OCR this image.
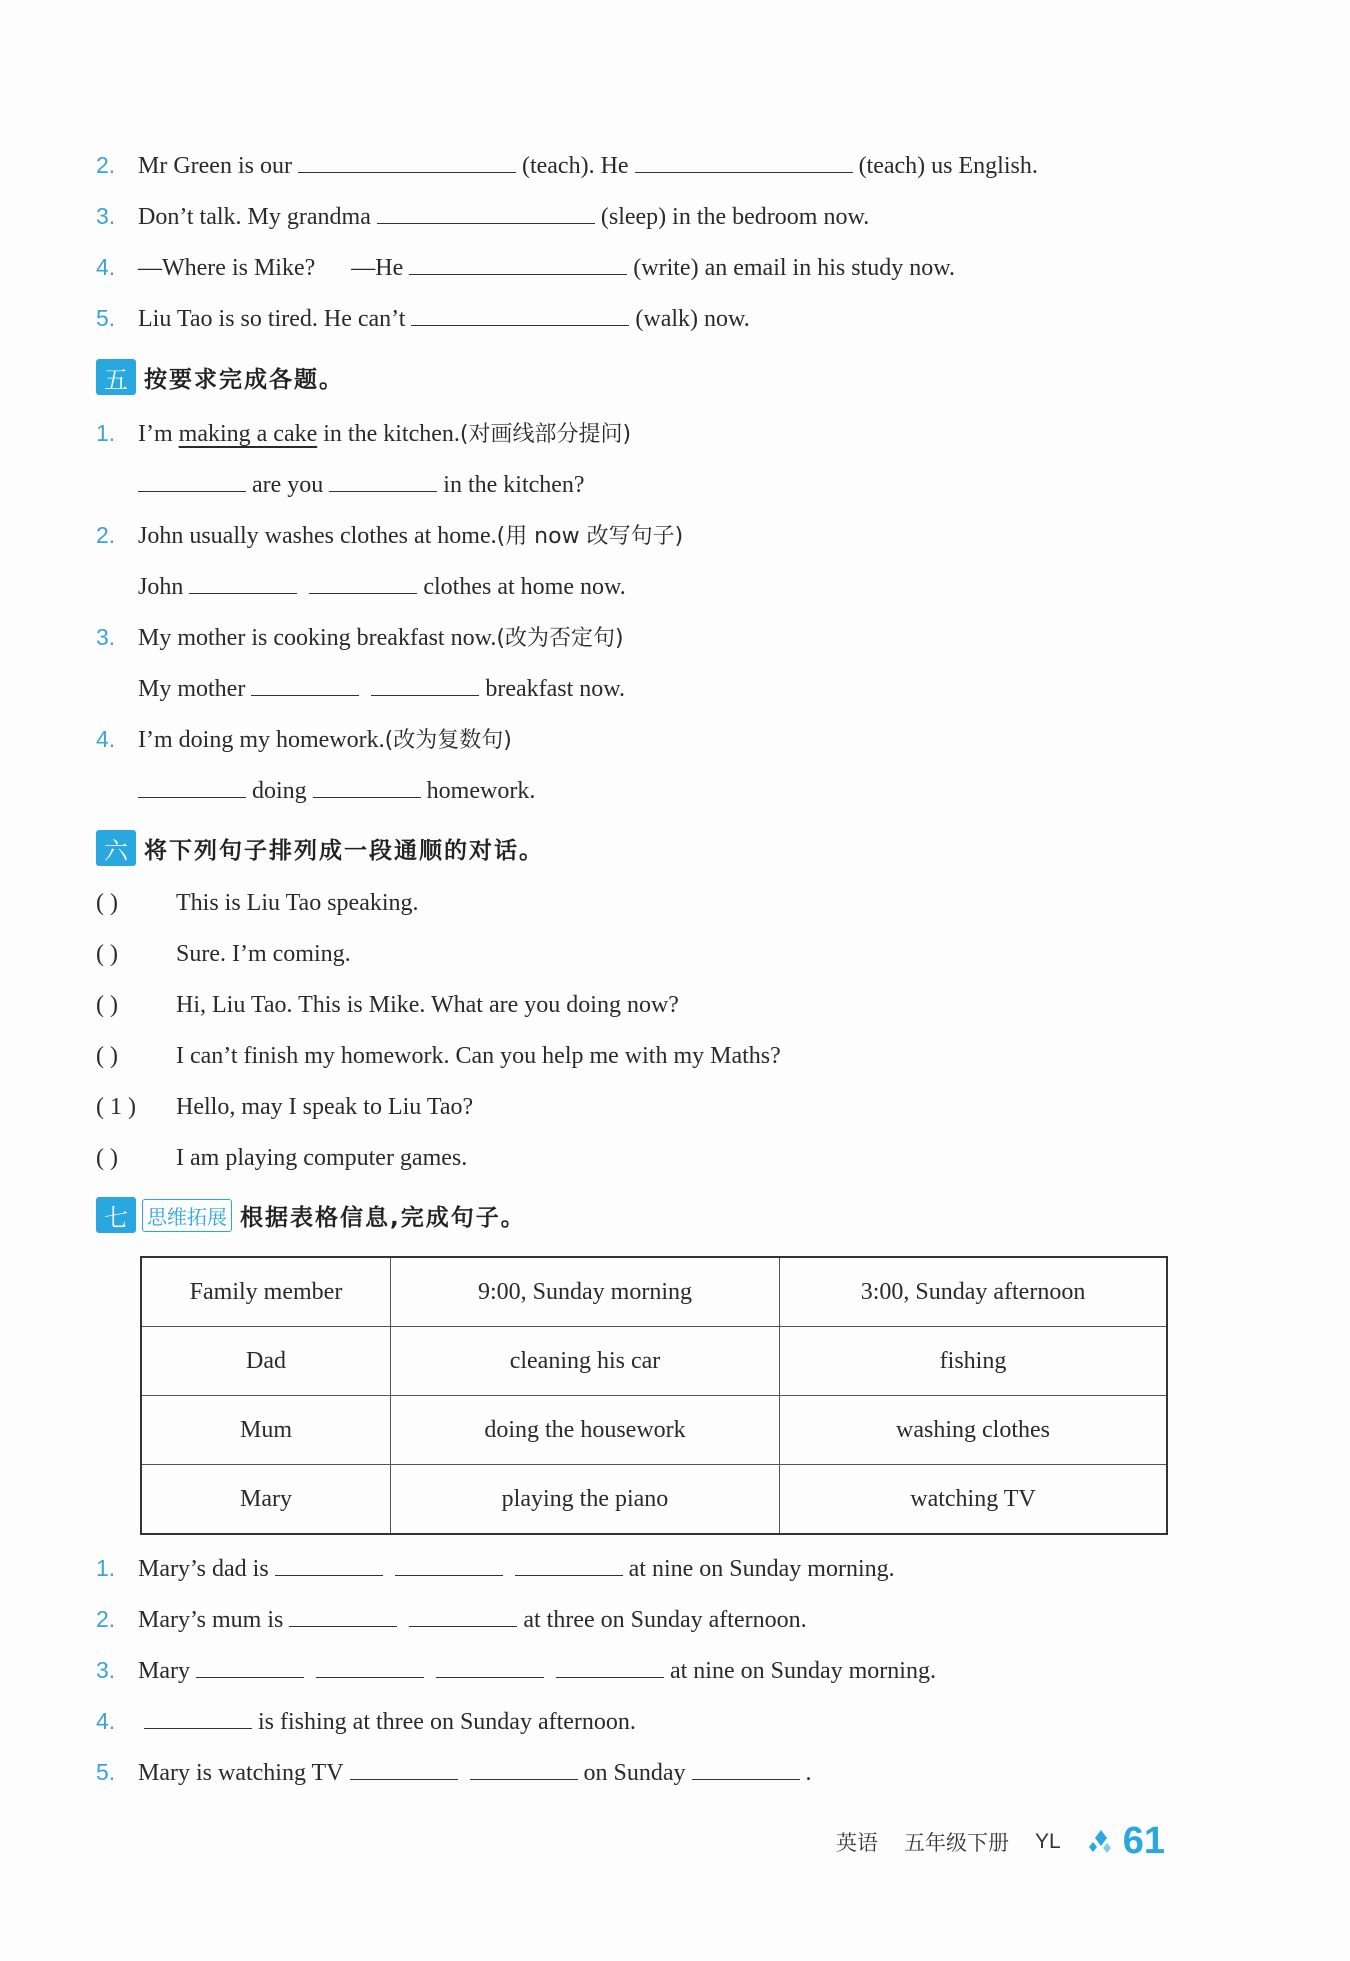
2. Mr Green is our	(teach). He	(teach) us English.
3. Don’t talk. My grandma	(sleep) in the bedroom now.
4. —Where is Mike? —He	(write) an email in his study now.
5. Liu Tao is so tired. He can’t	(walk) now.
五 按要求完成各题。
1. I’m making a cake in the kitchen.(对画线部分提问)
are you	in the kitchen?
2. John usually washes clothes at home.(用 now 改写句子)
John	clothes at home now.
3. My mother is cooking breakfast now.(改为否定句)
My mother	breakfast now.
4. I’m doing my homework.(改为复数句)
doing	homework.
六 将下列句子排列成一段通顺的对话。
( ) This is Liu Tao speaking.
( ) Sure. I’m coming.
( ) Hi, Liu Tao. This is Mike. What are you doing now?
( ) I can’t finish my homework. Can you help me with my Maths?
( 1 ) Hello, may I speak to Liu Tao?
( ) I am playing computer games.
七 思维拓展 根据表格信息,完成句子。
Family member	9:00, Sunday morning	3:00, Sunday afternoon
Dad	cleaning his car	fishing
Mum	doing the housework	washing clothes
Mary	playing the piano	watching TV
1. Mary’s dad is	at nine on Sunday morning.
2. Mary’s mum is	at three on Sunday afternoon.
3. Mary	at nine on Sunday morning.
4.	is fishing at three on Sunday afternoon.
5. Mary is watching TV	on Sunday	.
英语 五年级下册 YL 61
